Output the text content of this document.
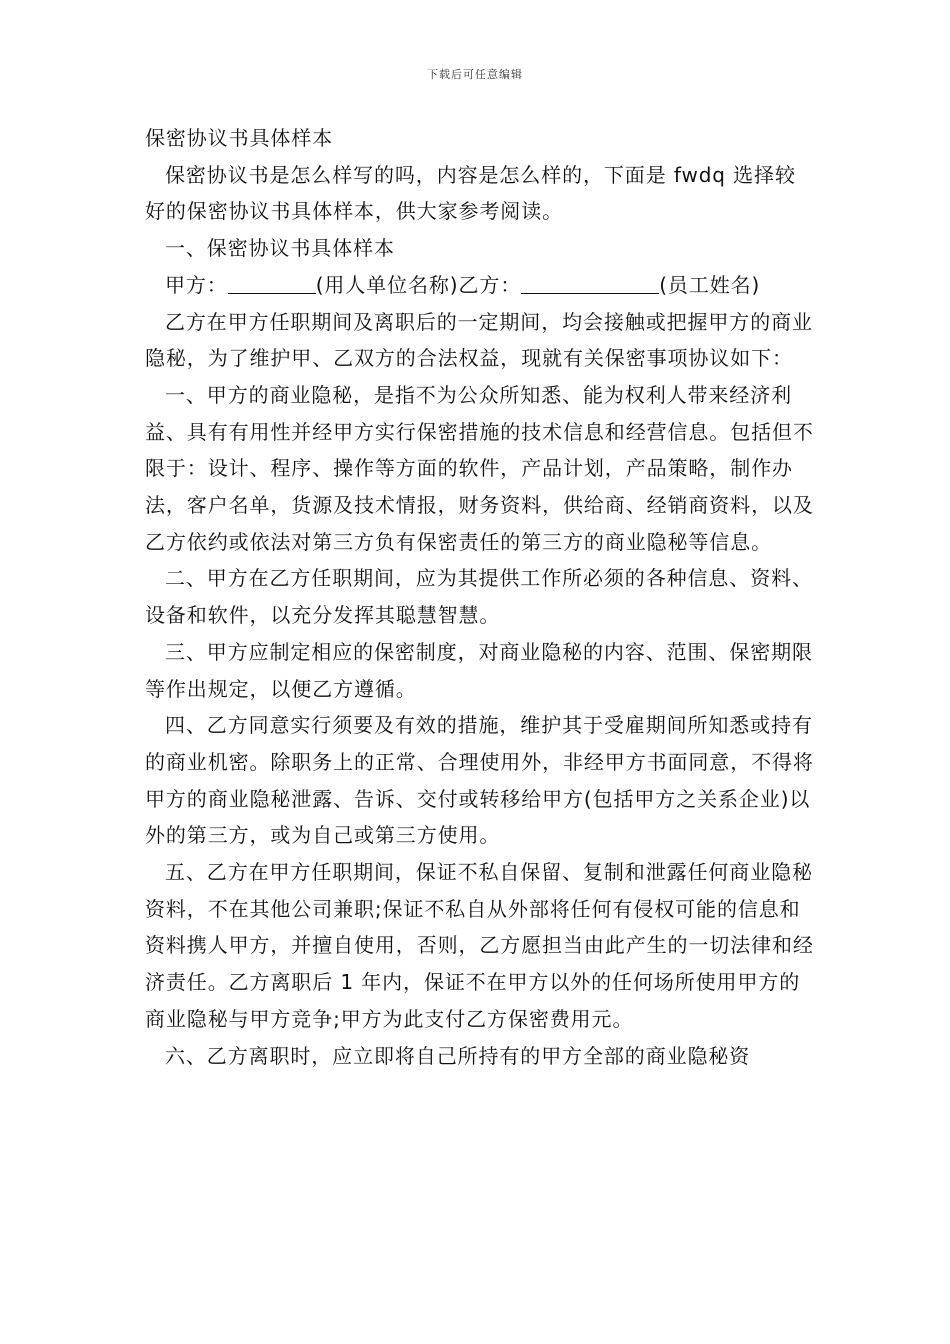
下载后可任意编辑

保密协议书具体样本

保密协议书是怎么样写的吗，内容是怎么样的，下面是 fwdq 选择较好的保密协议书具体样本，供大家参考阅读。

一、保密协议书具体样本

甲方：	(用人单位名称)乙方：	(员工姓名)

乙方在甲方任职期间及离职后的一定期间，均会接触或把握甲方的商业隐秘，为了维护甲、乙双方的合法权益，现就有关保密事项协议如下：

一、甲方的商业隐秘，是指不为公众所知悉、能为权利人带来经济利益、具有有用性并经甲方实行保密措施的技术信息和经营信息。包括但不限于：设计、程序、操作等方面的软件，产品计划，产品策略，制作办法，客户名单，货源及技术情报，财务资料，供给商、经销商资料，以及乙方依约或依法对第三方负有保密责任的第三方的商业隐秘等信息。

二、甲方在乙方任职期间，应为其提供工作所必须的各种信息、资料、设备和软件，以充分发挥其聪慧智慧。

三、甲方应制定相应的保密制度，对商业隐秘的内容、范围、保密期限等作出规定，以便乙方遵循。

四、乙方同意实行须要及有效的措施，维护其于受雇期间所知悉或持有的商业机密。除职务上的正常、合理使用外，非经甲方书面同意，不得将甲方的商业隐秘泄露、告诉、交付或转移给甲方(包括甲方之关系企业)以外的第三方，或为自己或第三方使用。

五、乙方在甲方任职期间，保证不私自保留、复制和泄露任何商业隐秘资料，不在其他公司兼职;保证不私自从外部将任何有侵权可能的信息和资料携人甲方，并擅自使用，否则，乙方愿担当由此产生的一切法律和经济责任。乙方离职后 1 年内，保证不在甲方以外的任何场所使用甲方的商业隐秘与甲方竞争;甲方为此支付乙方保密费用元。

六、乙方离职时，应立即将自己所持有的甲方全部的商业隐秘资
